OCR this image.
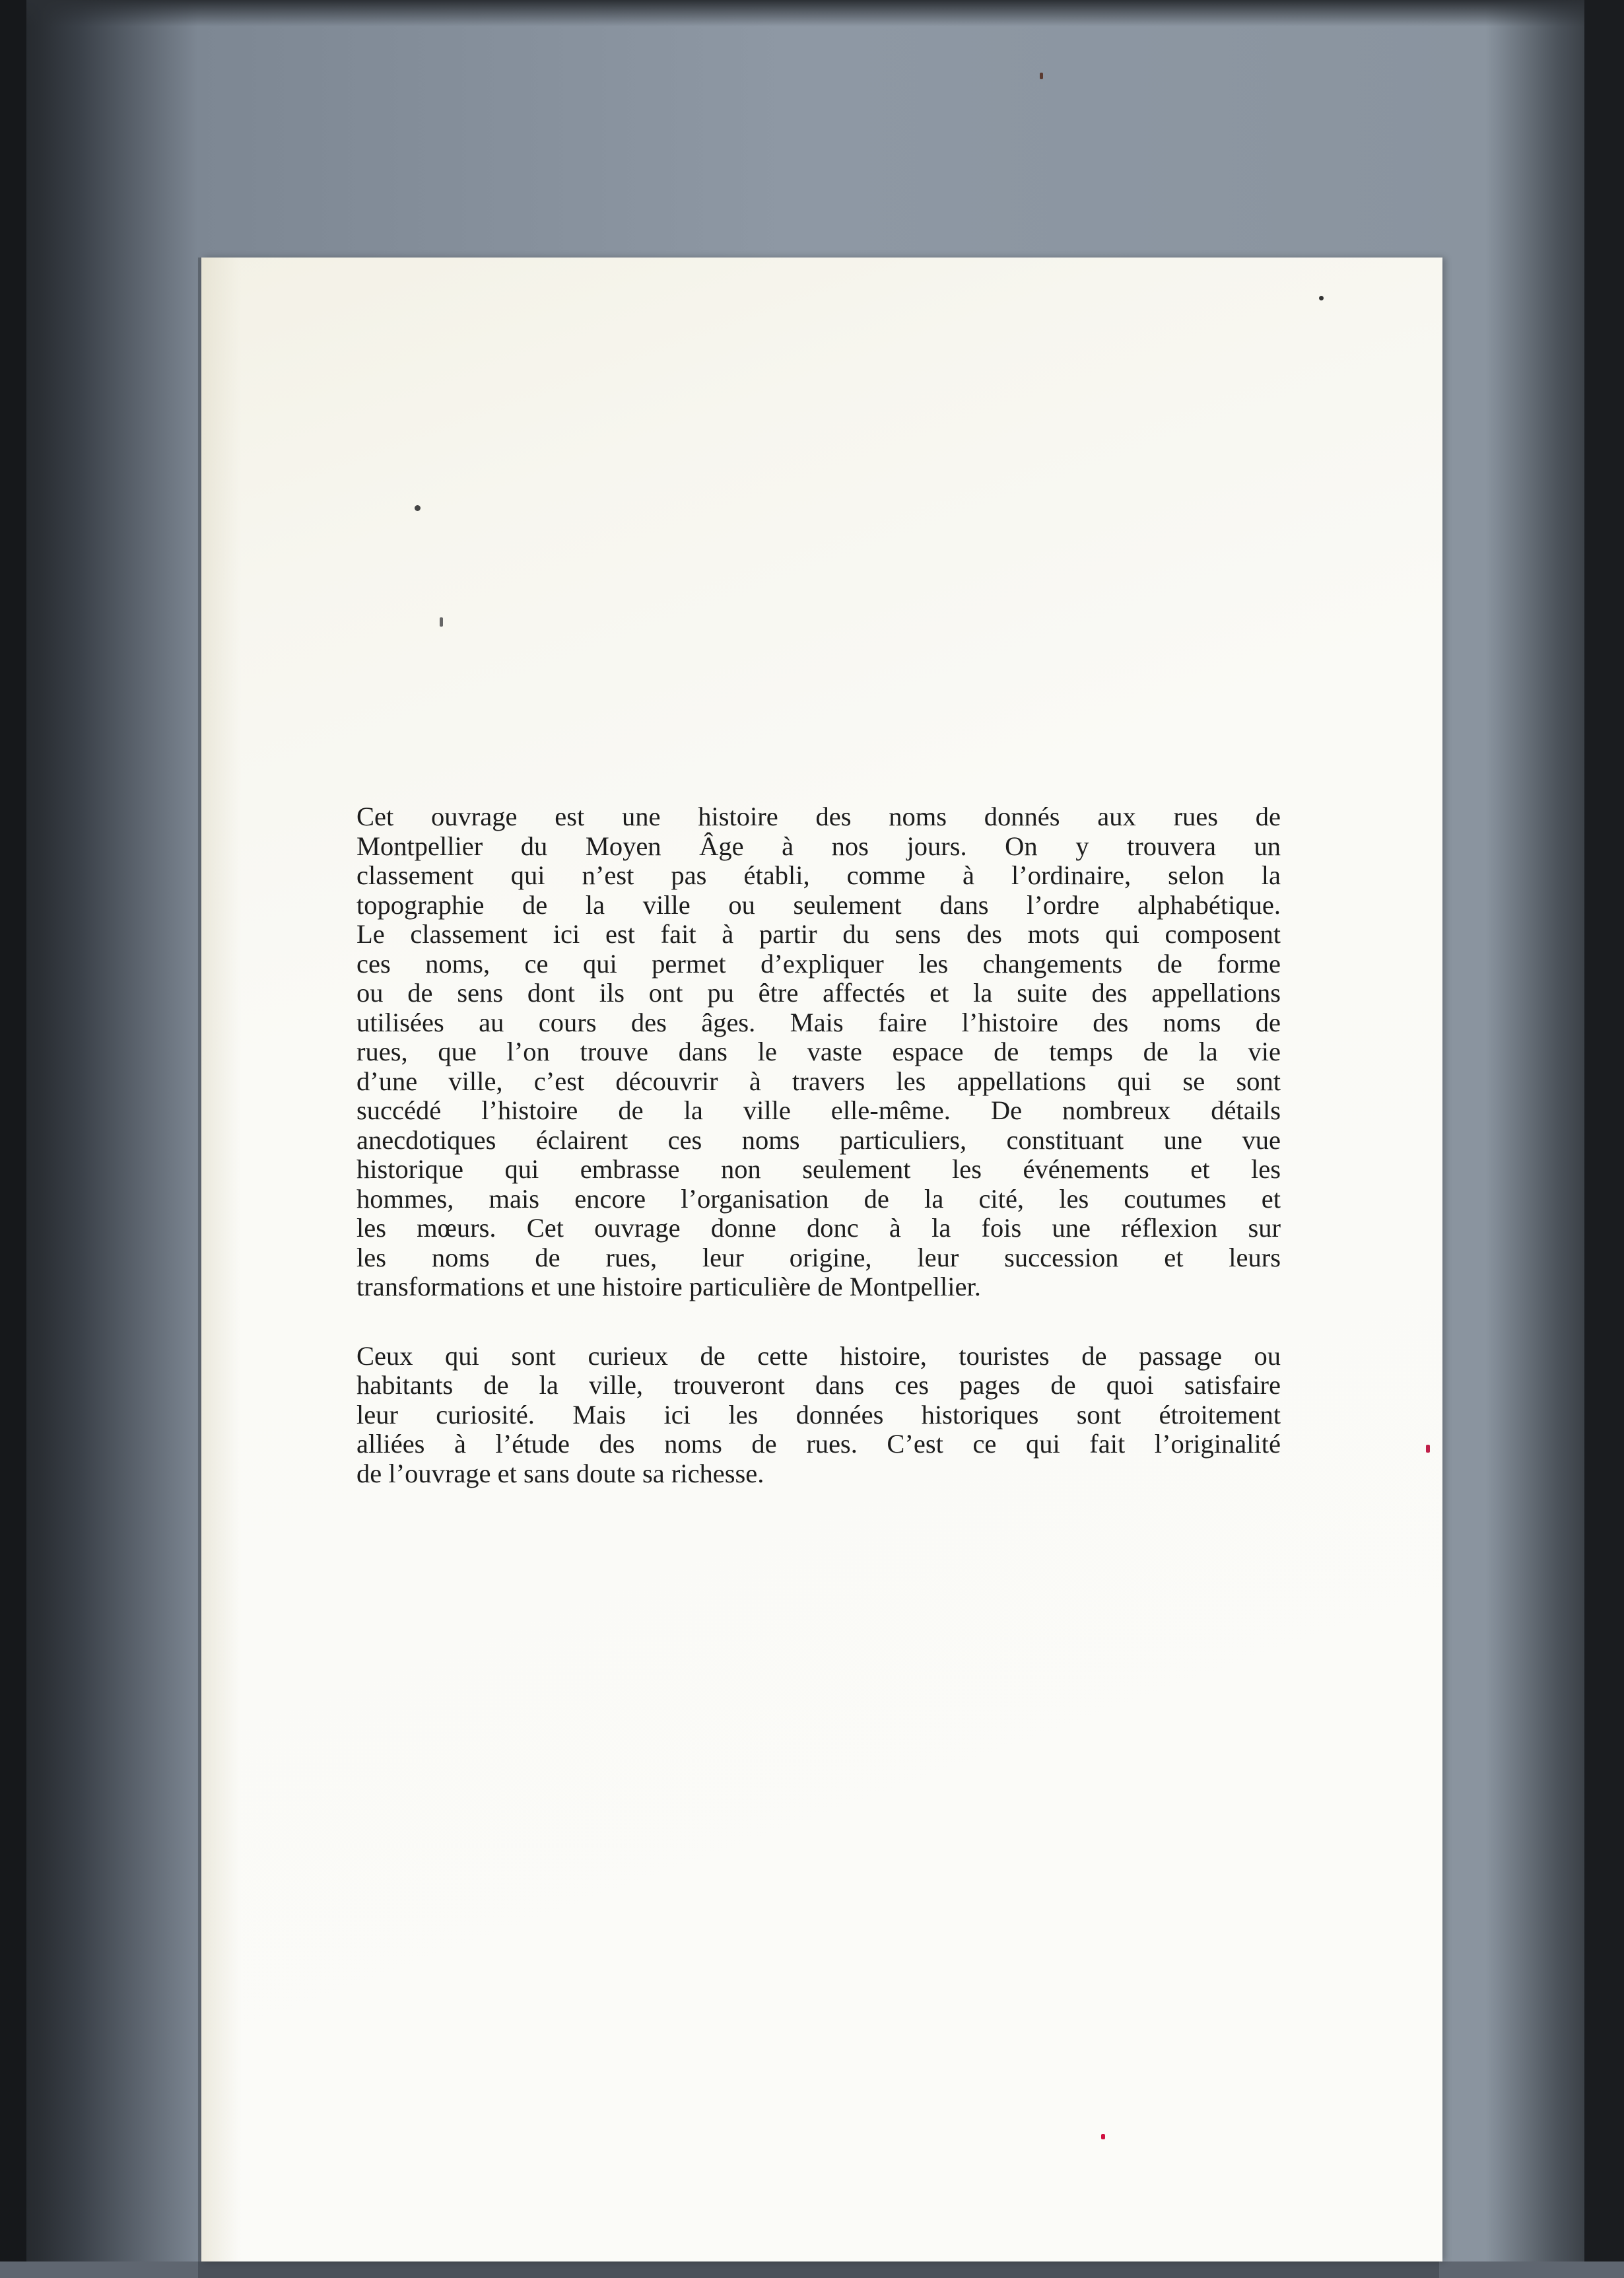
Cet ouvrage est une histoire des noms donnés aux rues de
Montpellier du Moyen Âge à nos jours. On y trouvera un
classement qui n’est pas établi, comme à l’ordinaire, selon la
topographie de la ville ou seulement dans l’ordre alphabétique.
Le classement ici est fait à partir du sens des mots qui composent
ces noms, ce qui permet d’expliquer les changements de forme
ou de sens dont ils ont pu être affectés et la suite des appellations
utilisées au cours des âges. Mais faire l’histoire des noms de
rues, que l’on trouve dans le vaste espace de temps de la vie
d’une ville, c’est découvrir à travers les appellations qui se sont
succédé l’histoire de la ville elle-même. De nombreux détails
anecdotiques éclairent ces noms particuliers, constituant une vue
historique qui embrasse non seulement les événements et les
hommes, mais encore l’organisation de la cité, les coutumes et
les mœurs. Cet ouvrage donne donc à la fois une réflexion sur
les noms de rues, leur origine, leur succession et leurs
transformations et une histoire particulière de Montpellier.
Ceux qui sont curieux de cette histoire, touristes de passage ou
habitants de la ville, trouveront dans ces pages de quoi satisfaire
leur curiosité. Mais ici les données historiques sont étroitement
alliées à l’étude des noms de rues. C’est ce qui fait l’originalité
de l’ouvrage et sans doute sa richesse.
